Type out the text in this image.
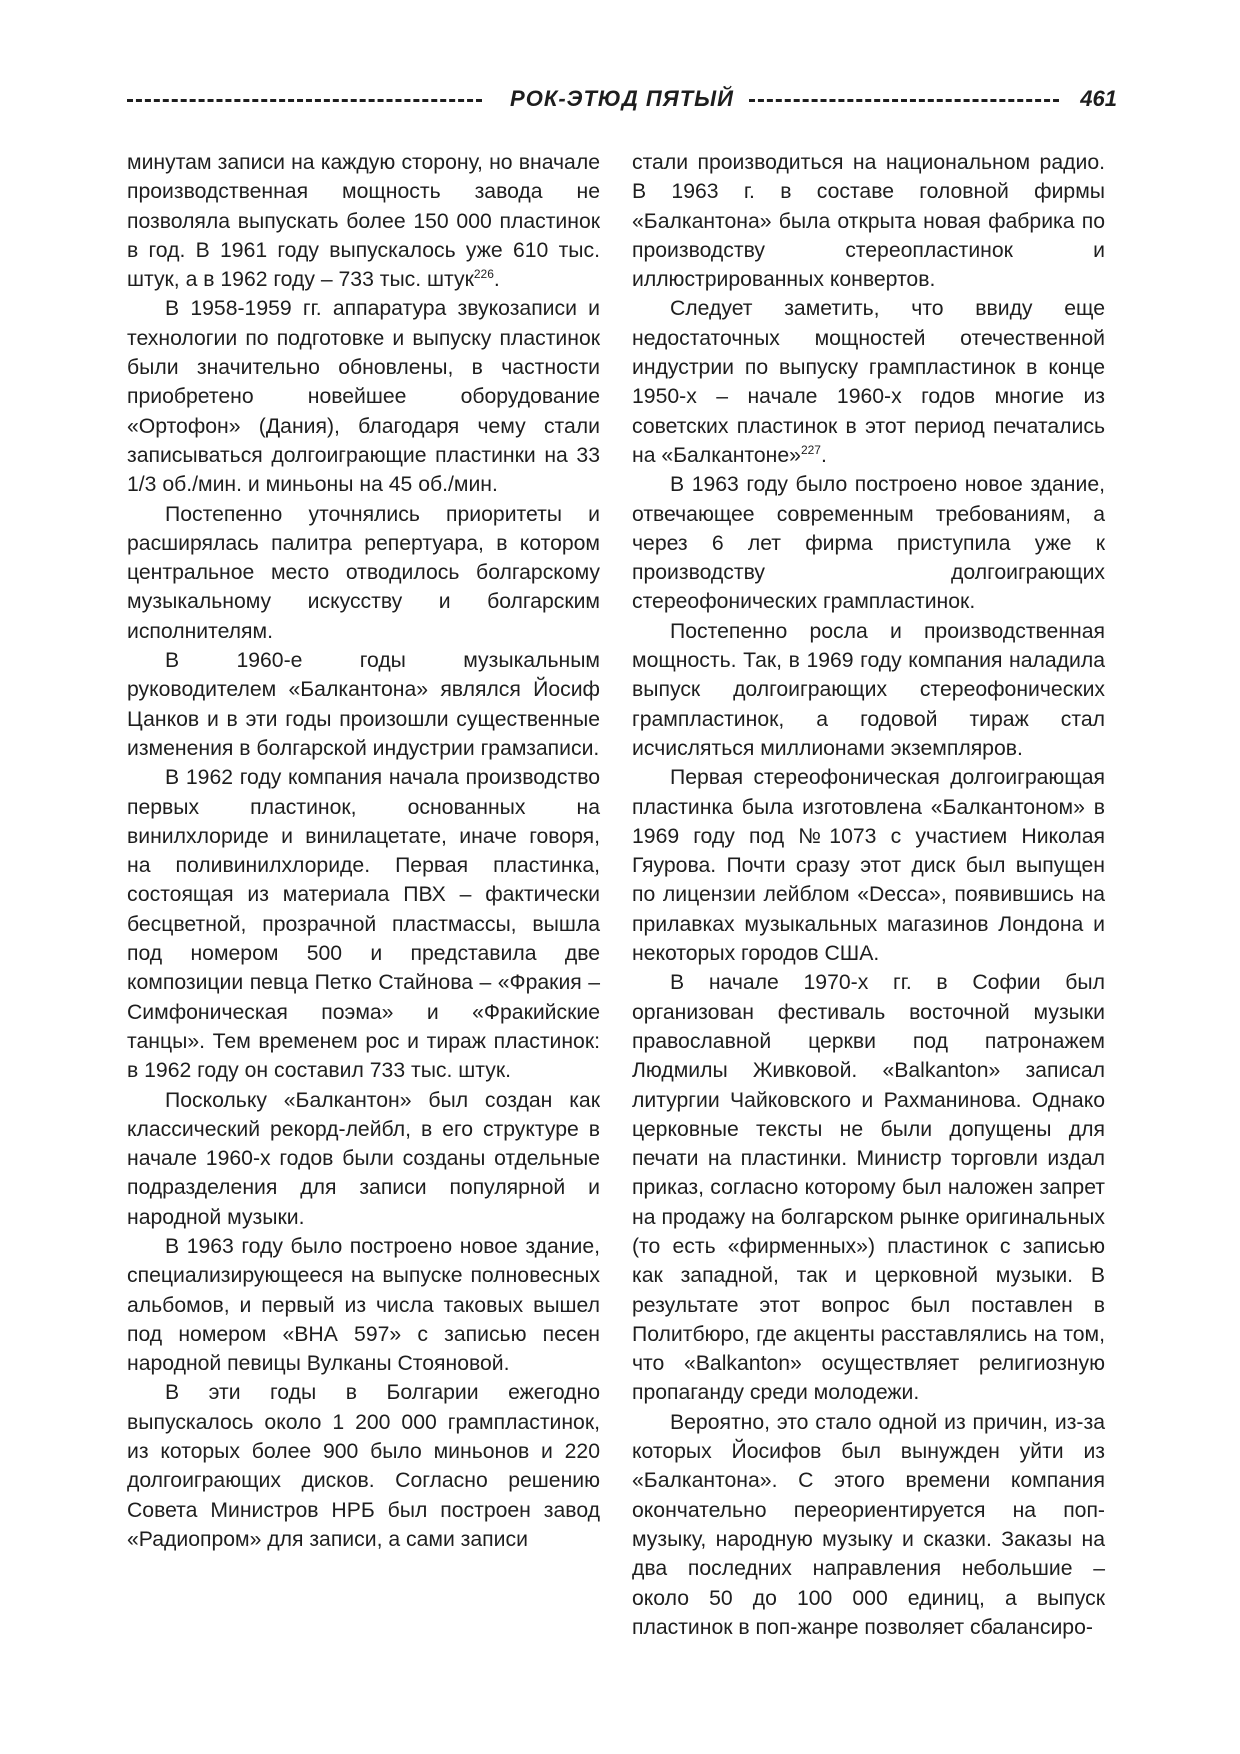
РОК-ЭТЮД ПЯТЫЙ	461

минутам записи на каждую сторону, но вначале производственная мощность завода не позволяла выпускать более 150 000 пластинок в год. В 1961 году выпускалось уже 610 тыс. штук, а в 1962 году – 733 тыс. штук$^{226}$.

В 1958-1959 гг. аппаратура звукозаписи и технологии по подготовке и выпуску пластинок были значительно обновлены, в частности приобретено новейшее оборудование «Ортофон» (Дания), благодаря чему стали записываться долгоиграющие пластинки на 33 1/3 об./мин. и миньоны на 45 об./мин.

Постепенно уточнялись приоритеты и расширялась палитра репертуара, в котором центральное место отводилось болгарскому музыкальному искусству и болгарским исполнителям.

В 1960-е годы музыкальным руководителем «Балкантона» являлся Йосиф Цанков и в эти годы произошли существенные изменения в болгарской индустрии грамзаписи.

В 1962 году компания начала производство первых пластинок, основанных на винилхлориде и винилацетате, иначе говоря, на поливинилхлориде. Первая пластинка, состоящая из материала ПВХ – фактически бесцветной, прозрачной пластмассы, вышла под номером 500 и представила две композиции певца Петко Стайнова – «Фракия – Симфоническая поэма» и «Фракийские танцы». Тем временем рос и тираж пластинок: в 1962 году он составил 733 тыс. штук.

Поскольку «Балкантон» был создан как классический рекорд-лейбл, в его структуре в начале 1960-х годов были созданы отдельные подразделения для записи популярной и народной музыки.

В 1963 году было построено новое здание, специализирующееся на выпуске полновесных альбомов, и первый из числа таковых вышел под номером «ВНА 597» с записью песен народной певицы Вулканы Стояновой.

В эти годы в Болгарии ежегодно выпускалось около 1 200 000 грампластинок, из которых более 900 было миньонов и 220 долгоиграющих дисков. Согласно решению Совета Министров НРБ был построен завод «Радиопром» для записи, а сами записи

стали производиться на национальном радио. В 1963 г. в составе головной фирмы «Балкантона» была открыта новая фабрика по производству стереопластинок и иллюстрированных конвертов.

Следует заметить, что ввиду еще недостаточных мощностей отечественной индустрии по выпуску грампластинок в конце 1950-х – начале 1960-х годов многие из советских пластинок в этот период печатались на «Балкантоне»$^{227}$.

В 1963 году было построено новое здание, отвечающее современным требованиям, а через 6 лет фирма приступила уже к производству долгоиграющих стереофонических грампластинок.

Постепенно росла и производственная мощность. Так, в 1969 году компания наладила выпуск долгоиграющих стереофонических грампластинок, а годовой тираж стал исчисляться миллионами экземпляров.

Первая стереофоническая долгоиграющая пластинка была изготовлена «Балкантоном» в 1969 году под №1073 с участием Николая Гяурова. Почти сразу этот диск был выпущен по лицензии лейблом «Decca», появившись на прилавках музыкальных магазинов Лондона и некоторых городов США.

В начале 1970-х гг. в Софии был организован фестиваль восточной музыки православной церкви под патронажем Людмилы Живковой. «Balkanton» записал литургии Чайковского и Рахманинова. Однако церковные тексты не были допущены для печати на пластинки. Министр торговли издал приказ, согласно которому был наложен запрет на продажу на болгарском рынке оригинальных (то есть «фирменных») пластинок с записью как западной, так и церковной музыки. В результате этот вопрос был поставлен в Политбюро, где акценты расставлялись на том, что «Balkanton» осуществляет религиозную пропаганду среди молодежи.

Вероятно, это стало одной из причин, из-за которых Йосифов был вынужден уйти из «Балкантона». С этого времени компания окончательно переориентируется на поп-музыку, народную музыку и сказки. Заказы на два последних направления небольшие – около 50 до 100 000 единиц, а выпуск пластинок в поп-жанре позволяет сбалансиро-
